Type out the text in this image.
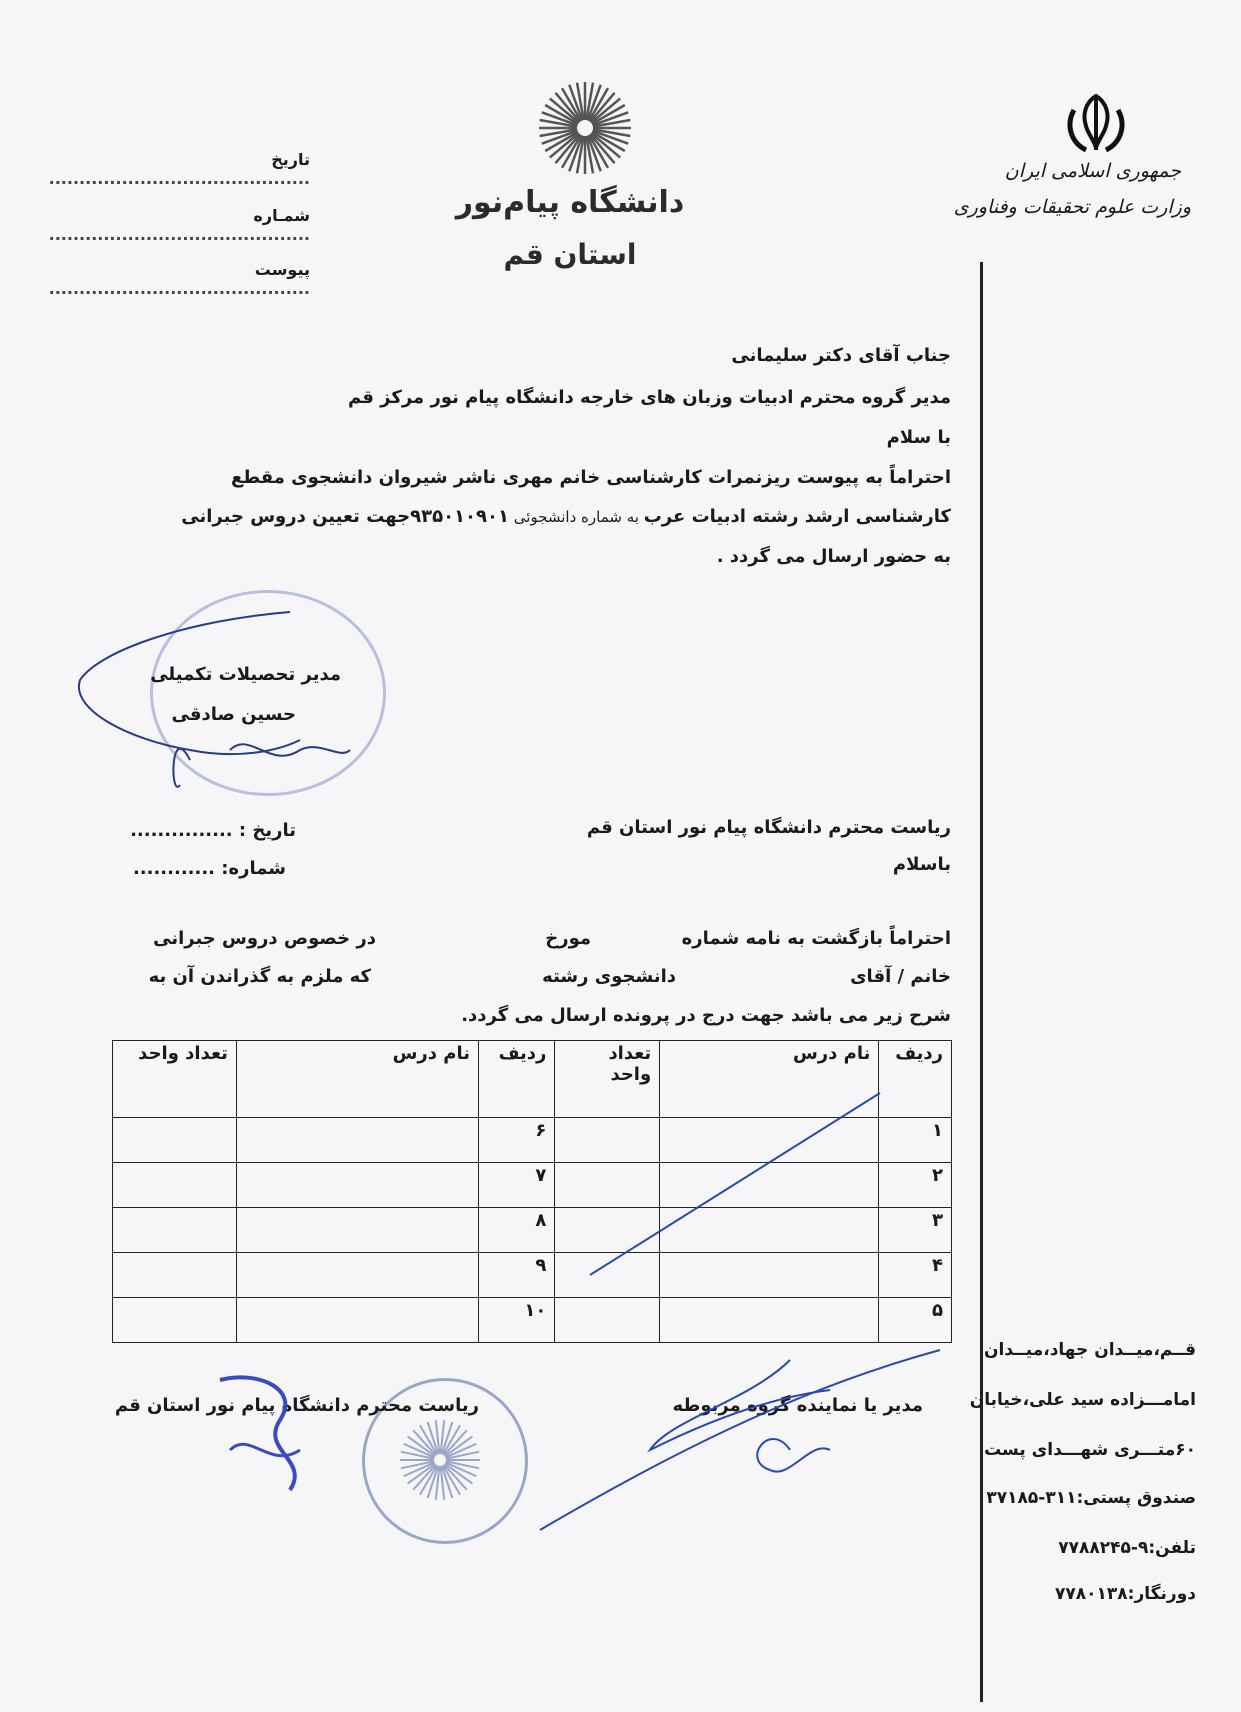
جمهوری اسلامی ایران
وزارت علوم تحقیقات وفناوری
قــم،میــدان جهاد،میــدان
امامـــزاده سید علی،خیابان
۶۰متـــری شهـــدای پست
صندوق پستی:۳۱۱-۳۷۱۸۵
تلفن:۹-۷۷۸۸۲۴۵
دورنگار:۷۷۸۰۱۳۸
دانشگاه پیام‌نور
استان قم
تاریخ ...........................................
شمـاره ...........................................
پیوست ...........................................
جناب آقای دکتر سلیمانی
مدیر گروه محترم ادبیات وزبان های خارجه دانشگاه پیام نور مرکز قم
با سلام
احتراماً به پیوست ریزنمرات کارشناسی خانم مهری ناشر شیروان دانشجوی مقطع
کارشناسی ارشد رشته ادبیات عرب به شماره دانشجوئی ۹۳۵۰۱۰۹۰۱جهت تعیین دروس جبرانی
به حضور ارسال می گردد .
مدیر تحصیلات تکمیلی
حسین صادقی
تاریخ : ...............
شماره: ............
ریاست محترم دانشگاه پیام نور استان قم
باسلام
احتراماً بازگشت به نامه شماره
مورخ
در خصوص دروس جبرانی
خانم / آقای
دانشجوی رشته
که ملزم به گذراندن آن به
شرح زیر می باشد جهت درج در پرونده ارسال می گردد.
ردیف	نام درس	تعداد واحد	ردیف	نام درس	تعداد واحد
۱			۶		
۲			۷		
۳			۸		
۴			۹		
۵			۱۰		
مدیر یا نماینده گروه مربوطه
ریاست محترم دانشگاه پیام نور استان قم
